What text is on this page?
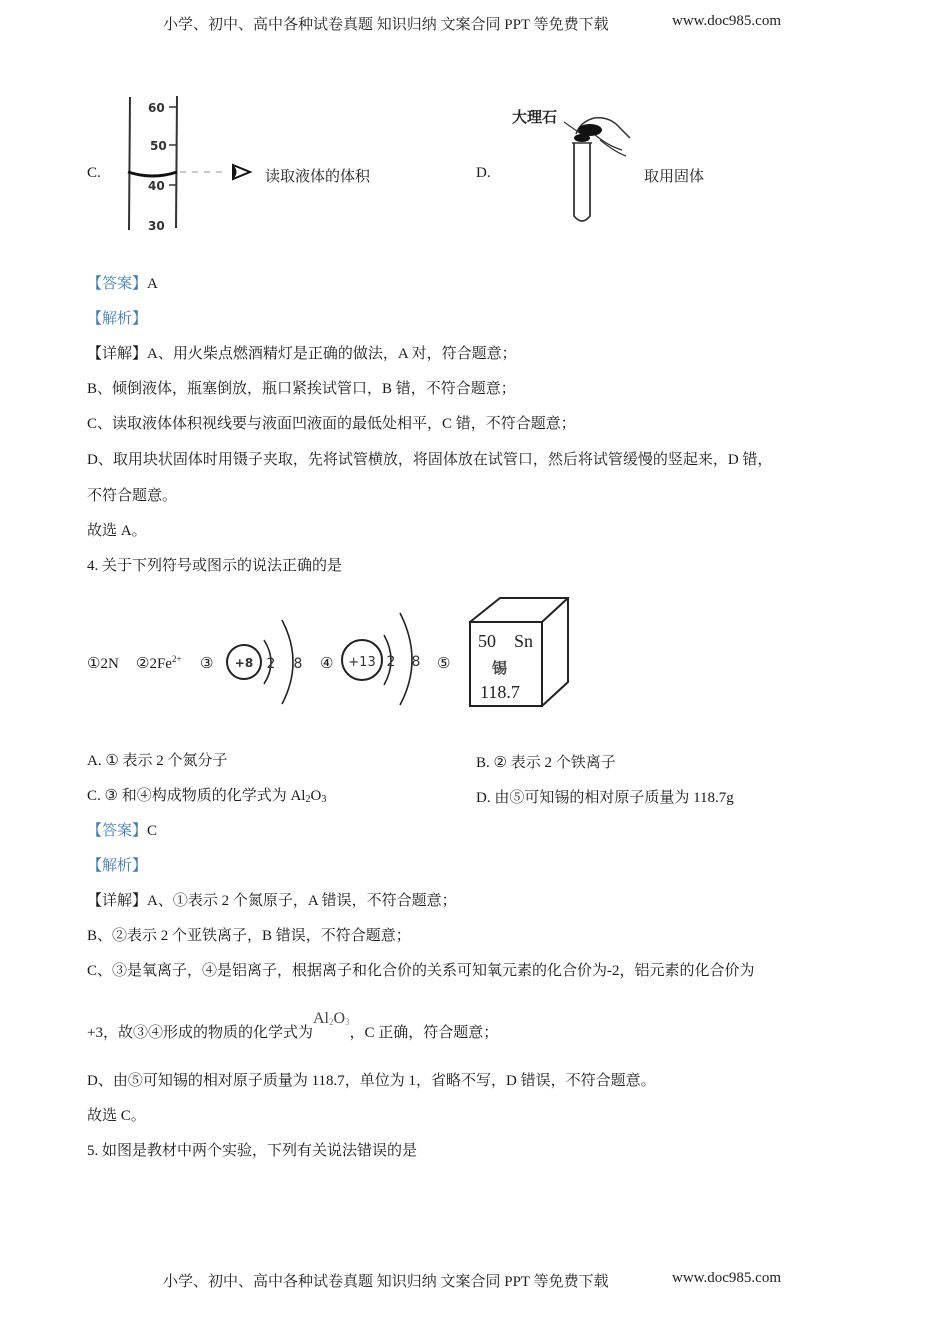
小学、初中、高中各种试卷真题 知识归纳 文案合同 PPT 等免费下载	www.doc985.com
C.
60
50
40
30
读取液体的体积	D.
大理石
取用固体
【答案】A
【解析】
【详解】A、用火柴点燃酒精灯是正确的做法，A 对，符合题意；
B、倾倒液体，瓶塞倒放，瓶口紧挨试管口，B 错，不符合题意；
C、读取液体体积视线要与液面凹液面的最低处相平，C 错，不符合题意；
D、取用块状固体时用镊子夹取，先将试管横放，将固体放在试管口，然后将试管缓慢的竖起来，D 错，
不符合题意。
故选 A。
4. 关于下列符号或图示的说法正确的是
①2N $②2Fe^{2+}$ ③ +8 2 8 ④ +13 2 8 ⑤
50 Sn
锡
118.7
A. ① 表示 2 个氮分子	B. ② 表示 2 个铁离子
C. ③ 和④构成物质的化学式为 $Al_2O_3$	D. 由⑤可知锡的相对原子质量为 118.7g
【答案】C
【解析】
【详解】A、①表示 2 个氮原子，A 错误，不符合题意；
B、②表示 2 个亚铁离子，B 错误，不符合题意；
C、③是氧离子，④是铝离子，根据离子和化合价的关系可知氧元素的化合价为-2，铝元素的化合价为
+3，故③④形成的物质的化学式为$Al_2O_3$，C 正确，符合题意；
D、由⑤可知锡的相对原子质量为 118.7，单位为 1，省略不写，D 错误，不符合题意。
故选 C。
5. 如图是教材中两个实验，下列有关说法错误的是
小学、初中、高中各种试卷真题 知识归纳 文案合同 PPT 等免费下载	www.doc985.com
